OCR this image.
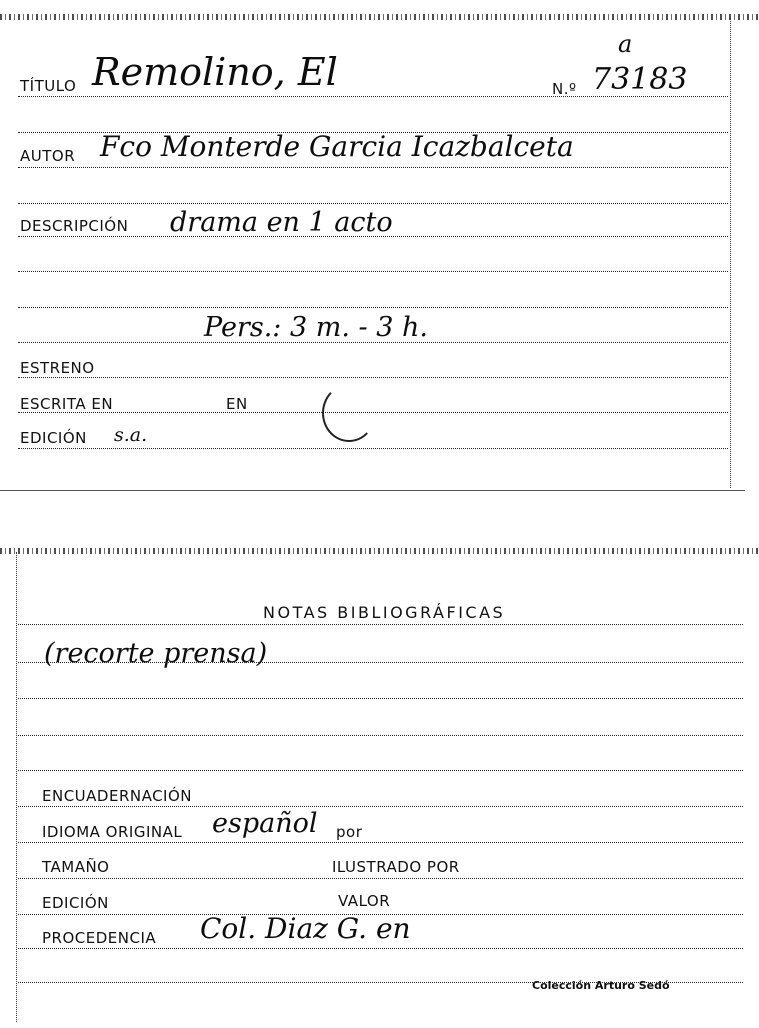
TÍTULO Remolino, El	N.º
a
73183
AUTOR Fco Monterde Garcia Icazbalceta
DESCRIPCIÓN drama en 1 acto
Pers.: 3 m. - 3 h.
ESTRENO
ESCRITA EN	EN
EDICIÓN s.a.
NOTAS BIBLIOGRÁFICAS
(recorte prensa)
ENCUADERNACIÓN
IDIOMA ORIGINAL español por
TAMAÑO	ILUSTRADO POR
EDICIÓN	VALOR
PROCEDENCIA Col. Diaz G. en
Colección Arturo Sedó
